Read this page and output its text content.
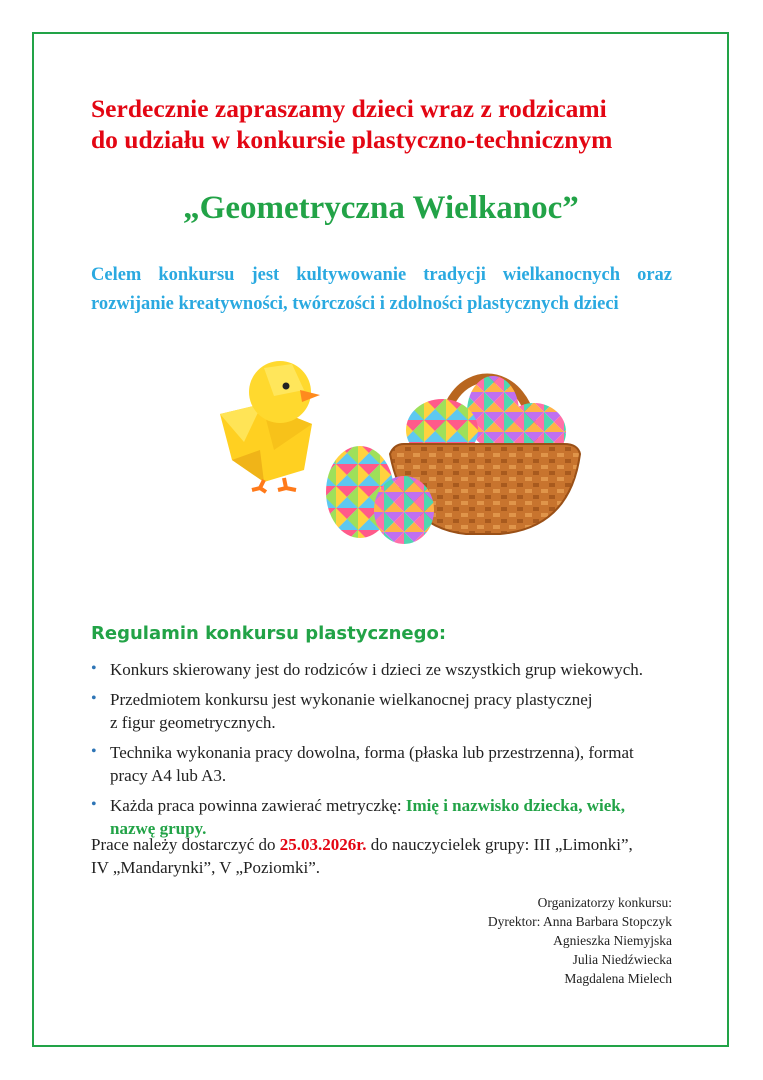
Serdecznie zapraszamy dzieci wraz z rodzicami
do udziału w konkursie plastyczno-technicznym
„Geometryczna Wielkanoc”

Celem konkursu jest kultywowanie tradycji wielkanocnych oraz rozwijanie kreatywności, twórczości i zdolności plastycznych dzieci

Regulamin konkursu plastycznego:
• Konkurs skierowany jest do rodziców i dzieci ze wszystkich grup wiekowych.
• Przedmiotem konkursu jest wykonanie wielkanocnej pracy plastycznej
z figur geometrycznych.
• Technika wykonania pracy dowolna, forma (płaska lub przestrzenna), format
pracy A4 lub A3.
• Każda praca powinna zawierać metryczkę: Imię i nazwisko dziecka, wiek,
nazwę grupy.

Prace należy dostarczyć do 25.03.2026r. do nauczycielek grupy: III „Limonki”,
IV „Mandarynki”, V „Poziomki”.

Organizatorzy konkursu:
Dyrektor: Anna Barbara Stopczyk
Agnieszka Niemyjska
Julia Niedźwiecka
Magdalena Mielech
